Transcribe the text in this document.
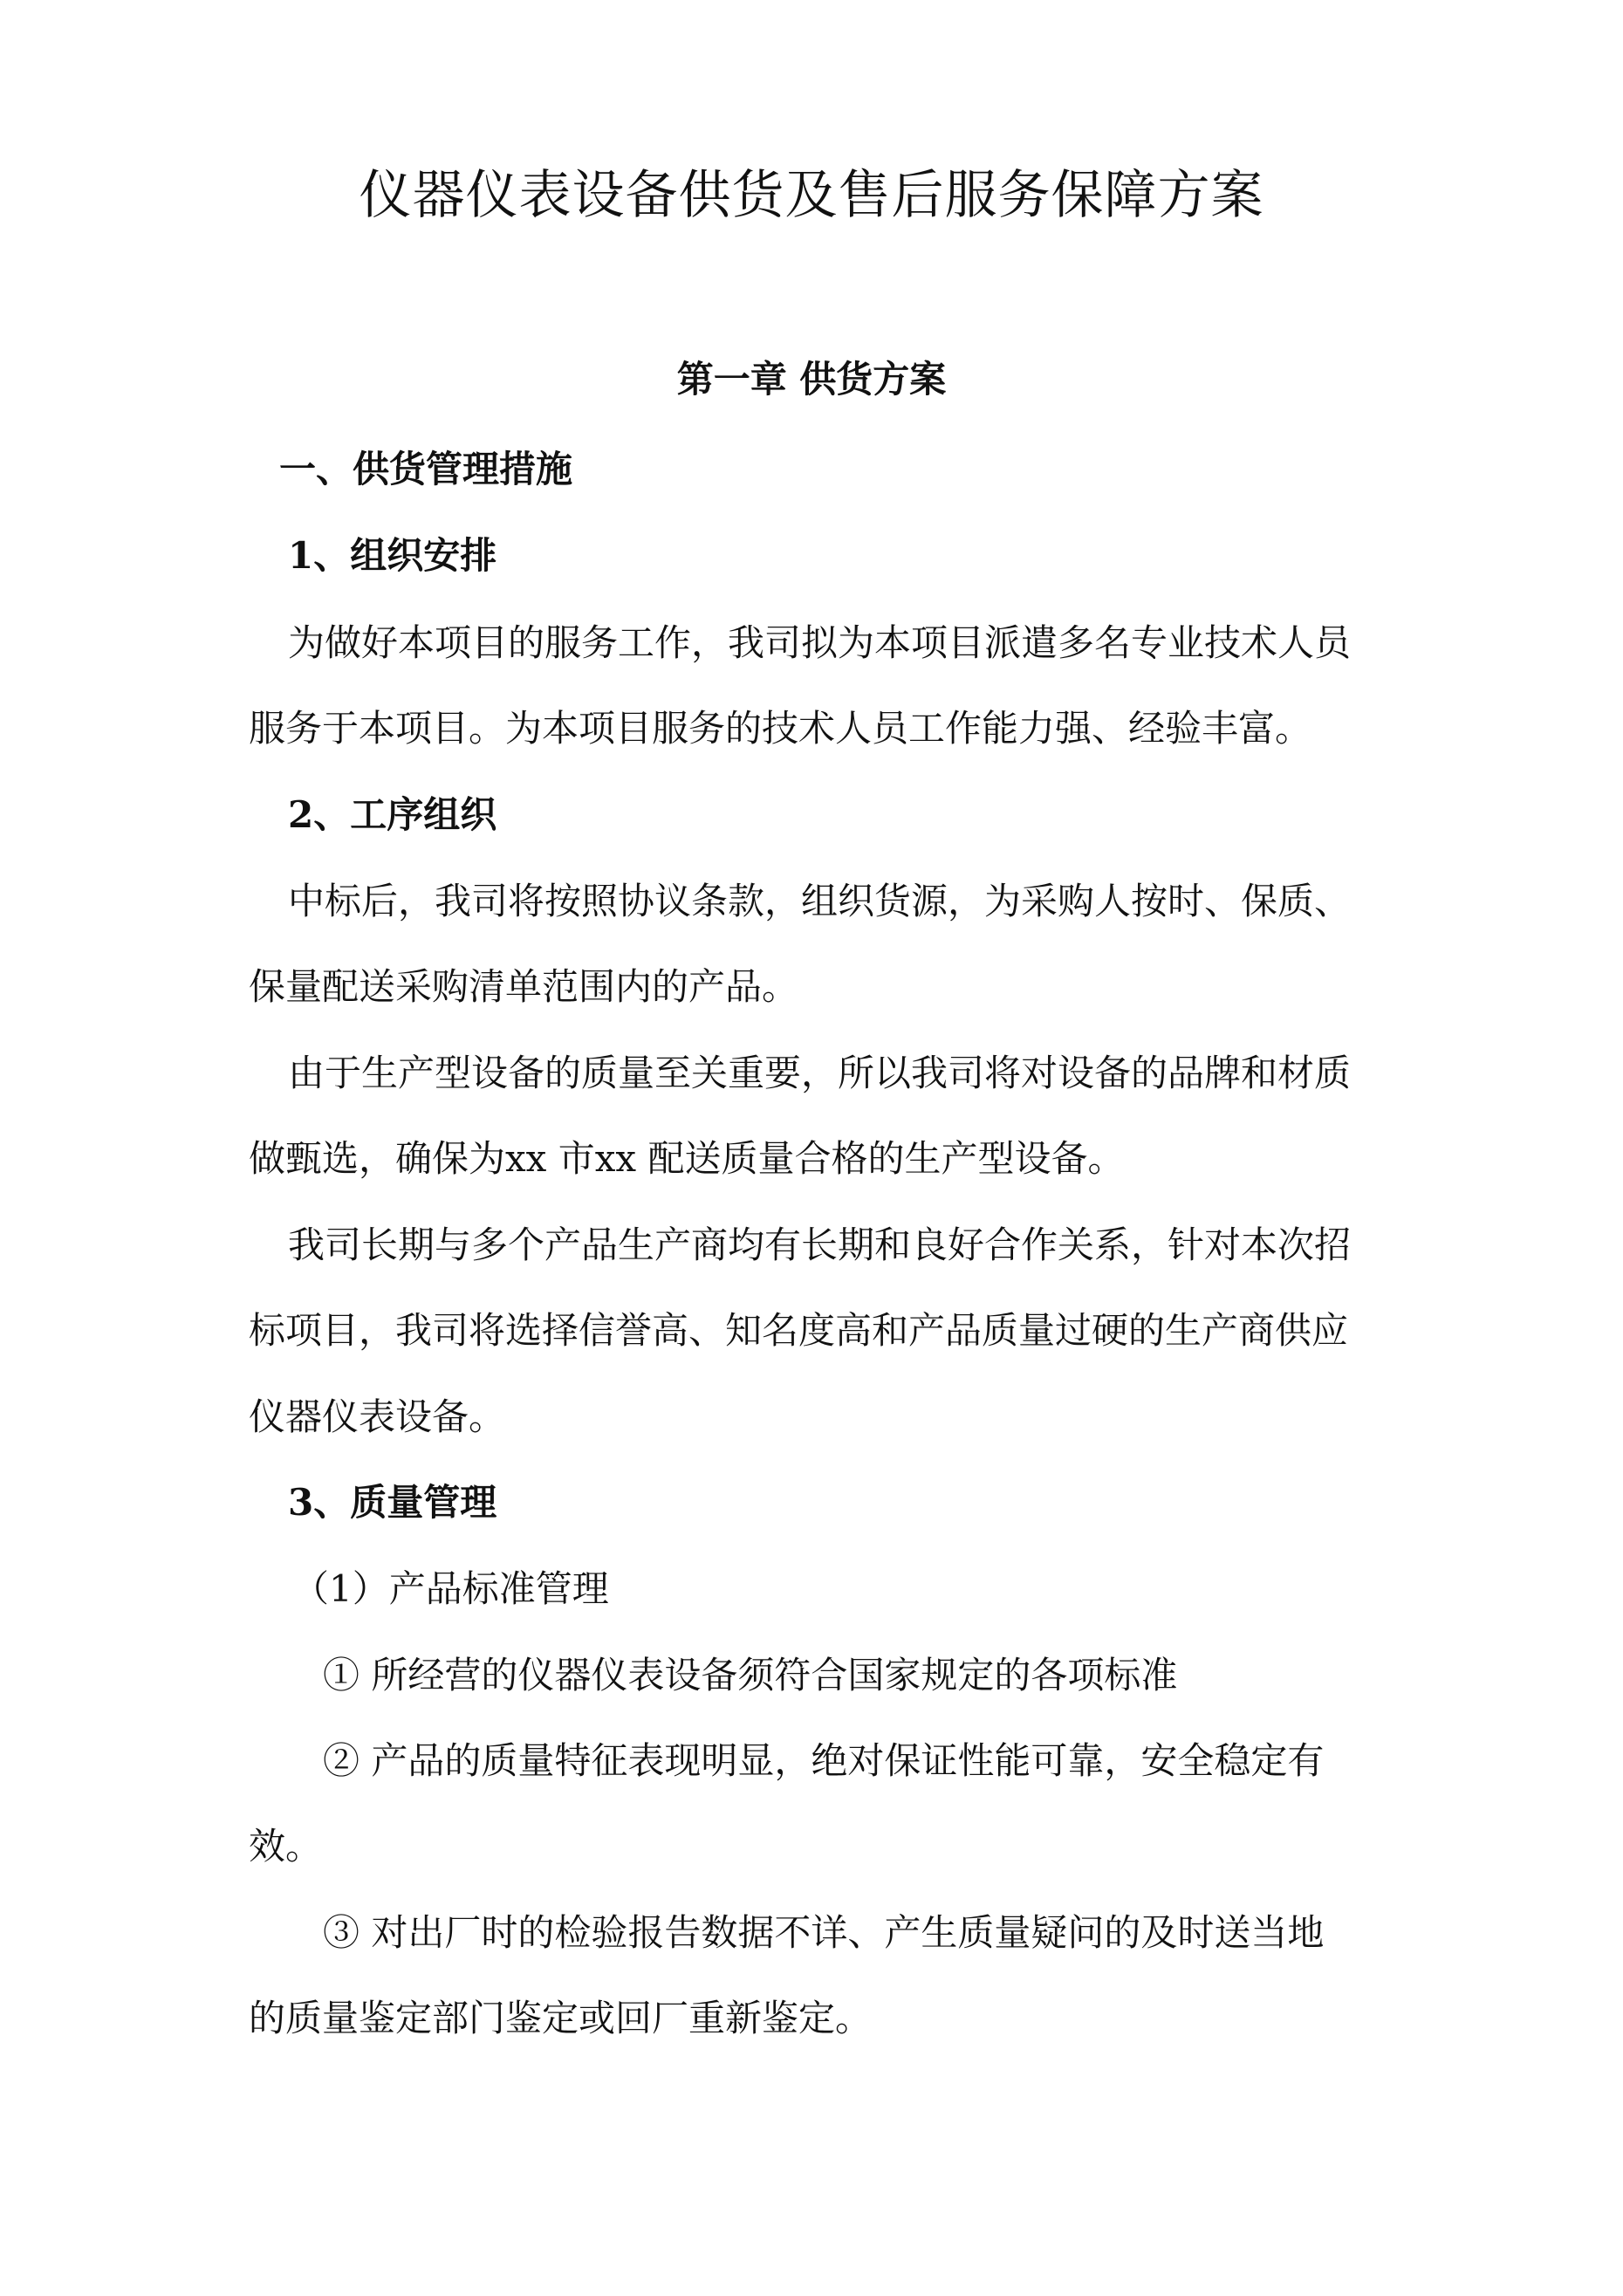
仪器仪表设备供货及售后服务保障方案
第一章 供货方案
一、供货管理措施
1、组织安排

为做好本项目的服务工作，我司拟为本项目派遣多名专业技术人员

服务于本项目。为本项目服务的技术人员工作能力强、经验丰富。

2、工序组织

中标后，我司将按照协议条款，组织货源，为采购人按时、保质、

保量配送采购清单范围内的产品。

由于生产型设备的质量至关重要，所以我司将对设备的品牌和材质

做甄选，确保为xx 市xx 配送质量合格的生产型设备。

我司长期与多个产品生产商均有长期和良好合作关系，针对本次招

标项目，我司将选择信誉高、知名度高和产品质量过硬的生产商供应

仪器仪表设备。

3、质量管理

（1）产品标准管理

① 所经营的仪器仪表设备须符合国家规定的各项标准

② 产品的质量特征表现明显，绝对保证性能可靠，安全稳定有

效。

③ 对出厂时的检验报告数据不详、产生质量疑问的及时送当地

的质量鉴定部门鉴定或回厂重新鉴定。
